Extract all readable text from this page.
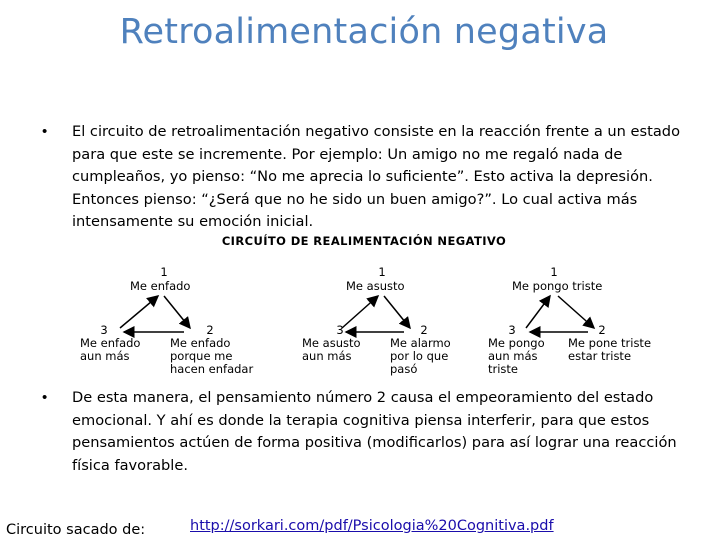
Retroalimentación negativa
• El circuito de retroalimentación negativo consiste en la reacción frente a un estado para que este se incremente. Por ejemplo: Un amigo no me regaló nada de cumpleaños, yo pienso: “No me aprecia lo suficiente”. Esto activa la depresión. Entonces pienso: “¿Será que no he sido un buen amigo?”. Lo cual activa más intensamente su emoción inicial.
CIRCUÍTO DE REALIMENTACIÓN NEGATIVO
1
Me enfado
2
Me enfado
porque me
hacen enfadar
3
Me enfado
aun más
1
Me asusto
2
Me alarmo
por lo que
pasó
3
Me asusto
aun más
1
Me pongo triste
2
Me pone triste
estar triste
3
Me pongo
aun más
triste
• De esta manera, el pensamiento número 2 causa el empeoramiento del estado emocional. Y ahí es donde la terapia cognitiva piensa interferir, para que estos pensamientos actúen de forma positiva (modificarlos) para así lograr una reacción física favorable.
Circuito sacado de:	http://sorkari.com/pdf/Psicologia%20Cognitiva.pdf
